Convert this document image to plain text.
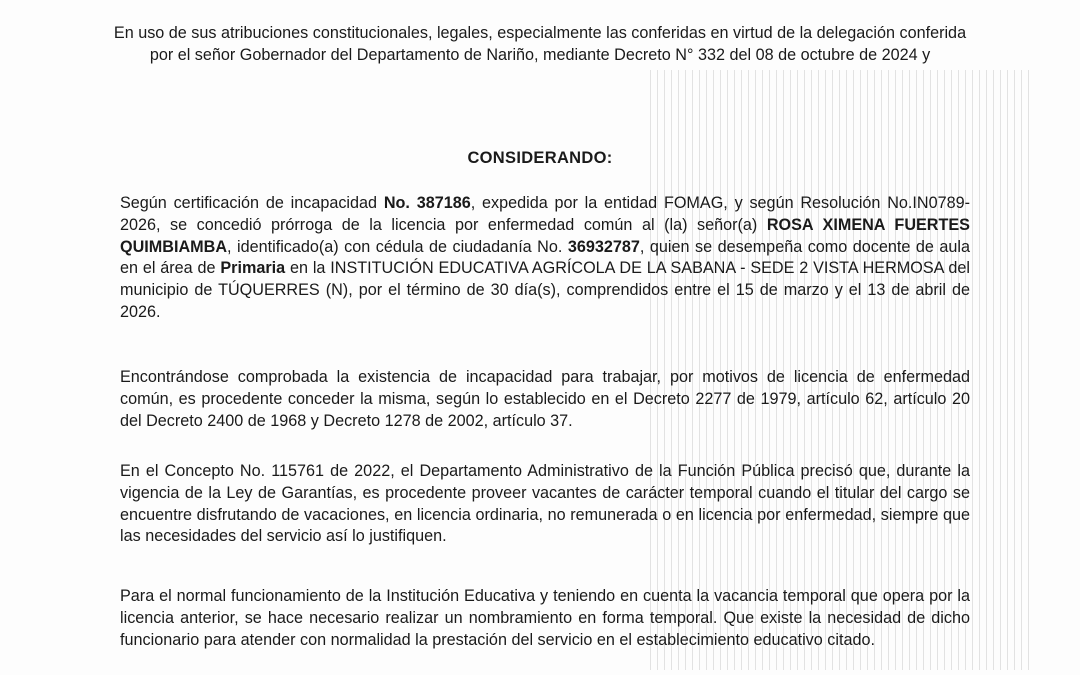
En uso de sus atribuciones constitucionales, legales, especialmente las conferidas en virtud de la delegación conferida por el señor Gobernador del Departamento de Nariño, mediante Decreto N° 332 del 08 de octubre de 2024 y
CONSIDERANDO:
Según certificación de incapacidad No. 387186, expedida por la entidad FOMAG, y según Resolución No.IN0789-2026, se concedió prórroga de la licencia por enfermedad común al (la) señor(a) ROSA XIMENA FUERTES QUIMBIAMBA, identificado(a) con cédula de ciudadanía No. 36932787, quien se desempeña como docente de aula en el área de Primaria en la INSTITUCIÓN EDUCATIVA AGRÍCOLA DE LA SABANA - SEDE 2 VISTA HERMOSA del municipio de TÚQUERRES (N), por el término de 30 día(s), comprendidos entre el 15 de marzo y el 13 de abril de 2026.
Encontrándose comprobada la existencia de incapacidad para trabajar, por motivos de licencia de enfermedad común, es procedente conceder la misma, según lo establecido en el Decreto 2277 de 1979, artículo 62, artículo 20 del Decreto 2400 de 1968 y Decreto 1278 de 2002, artículo 37.
En el Concepto No. 115761 de 2022, el Departamento Administrativo de la Función Pública precisó que, durante la vigencia de la Ley de Garantías, es procedente proveer vacantes de carácter temporal cuando el titular del cargo se encuentre disfrutando de vacaciones, en licencia ordinaria, no remunerada o en licencia por enfermedad, siempre que las necesidades del servicio así lo justifiquen.
Para el normal funcionamiento de la Institución Educativa y teniendo en cuenta la vacancia temporal que opera por la licencia anterior, se hace necesario realizar un nombramiento en forma temporal. Que existe la necesidad de dicho funcionario para atender con normalidad la prestación del servicio en el establecimiento educativo citado.
